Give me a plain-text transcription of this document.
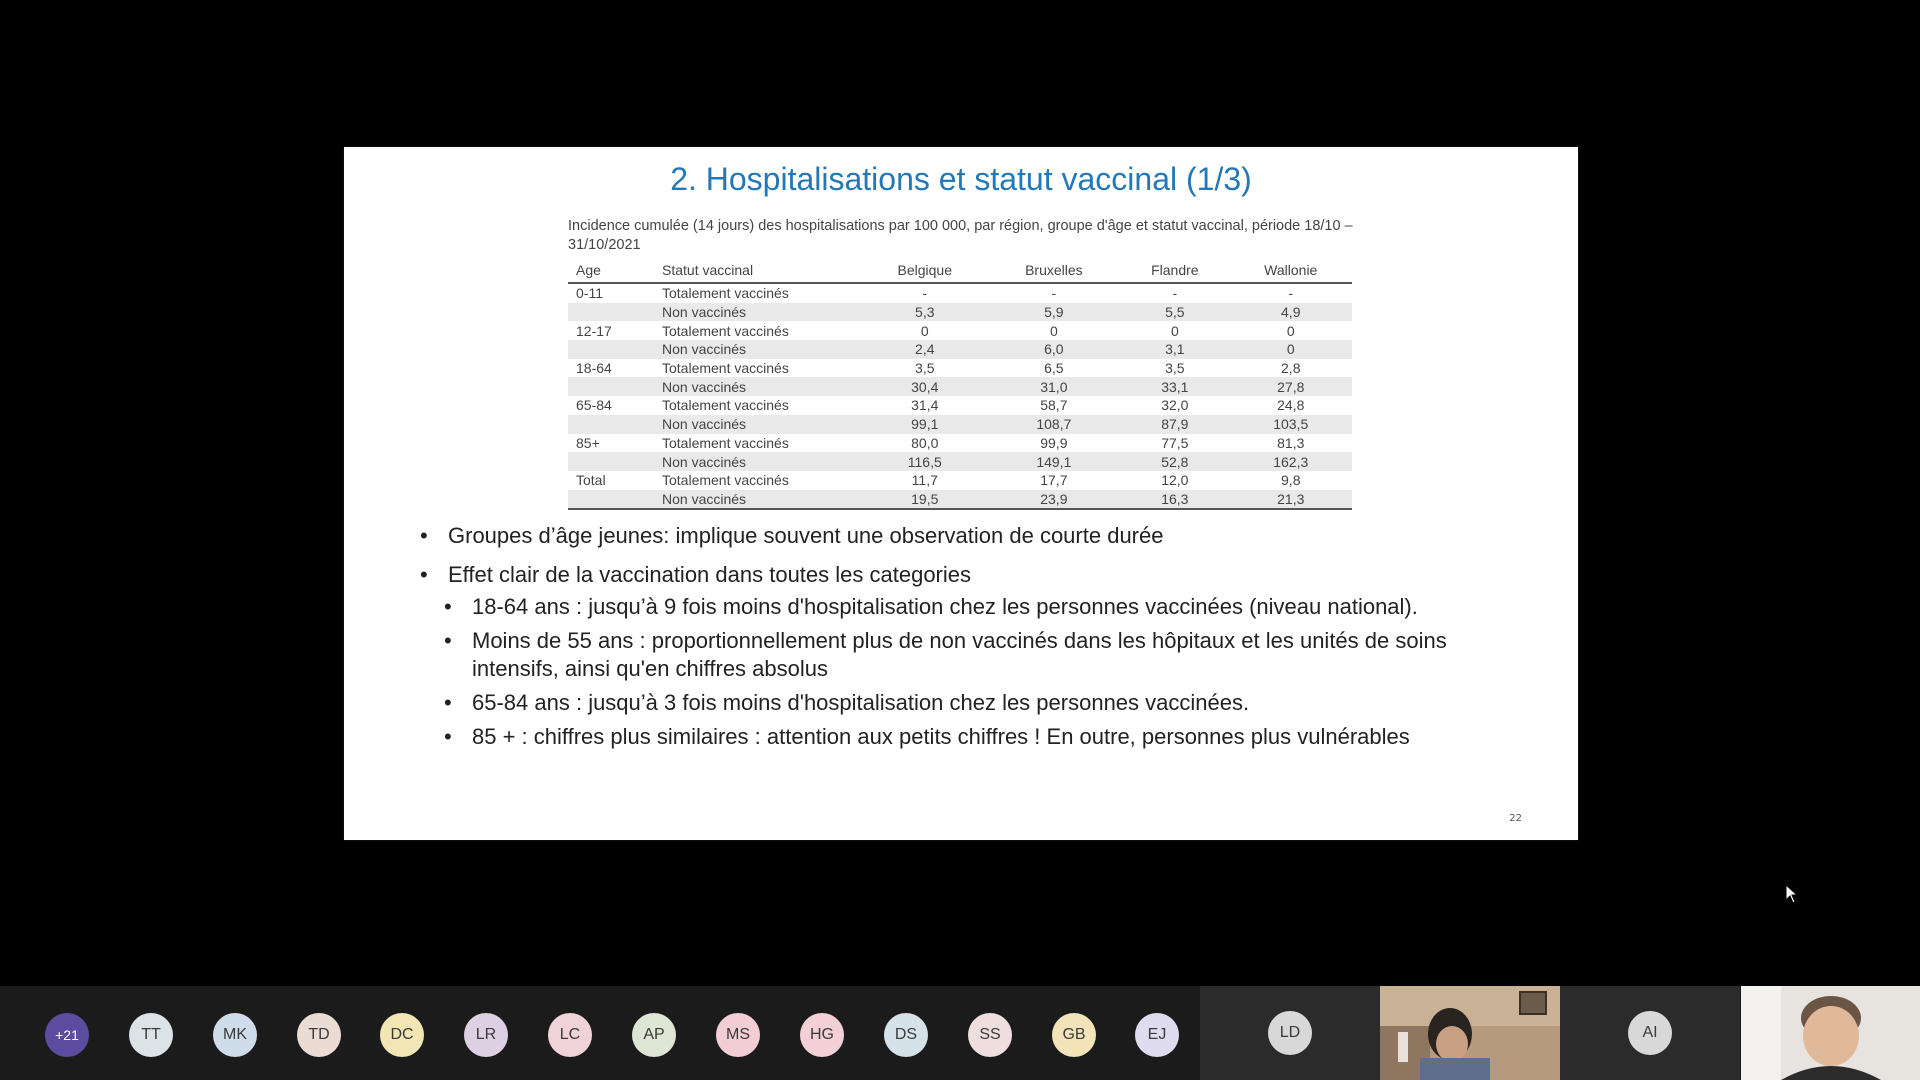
2. Hospitalisations et statut vaccinal (1/3)
Incidence cumulée (14 jours) des hospitalisations par 100 000, par région, groupe d'âge et statut vaccinal, période 18/10 – 31/10/2021
Age	Statut vaccinal	Belgique	Bruxelles	Flandre	Wallonie
0-11	Totalement vaccinés	-	-	-	-
	Non vaccinés	5,3	5,9	5,5	4,9
12-17	Totalement vaccinés	0	0	0	0
	Non vaccinés	2,4	6,0	3,1	0
18-64	Totalement vaccinés	3,5	6,5	3,5	2,8
	Non vaccinés	30,4	31,0	33,1	27,8
65-84	Totalement vaccinés	31,4	58,7	32,0	24,8
	Non vaccinés	99,1	108,7	87,9	103,5
85+	Totalement vaccinés	80,0	99,9	77,5	81,3
	Non vaccinés	116,5	149,1	52,8	162,3
Total	Totalement vaccinés	11,7	17,7	12,0	9,8
	Non vaccinés	19,5	23,9	16,3	21,3
• Groupes d’âge jeunes: implique souvent une observation de courte durée
• Effet clair de la vaccination dans toutes les categories
• 18-64 ans : jusqu’à 9 fois moins d'hospitalisation chez les personnes vaccinées (niveau national).
• Moins de 55 ans : proportionnellement plus de non vaccinés dans les hôpitaux et les unités de soins intensifs, ainsi qu'en chiffres absolus
• 65-84 ans : jusqu’à 3 fois moins d'hospitalisation chez les personnes vaccinées.
• 85 + : chiffres plus similaires : attention aux petits chiffres ! En outre, personnes plus vulnérables
22
+21	TT	MK	TD	DC	LR	LC	AP	MS	HG	DS	SS	GB	EJ	LD	AI
